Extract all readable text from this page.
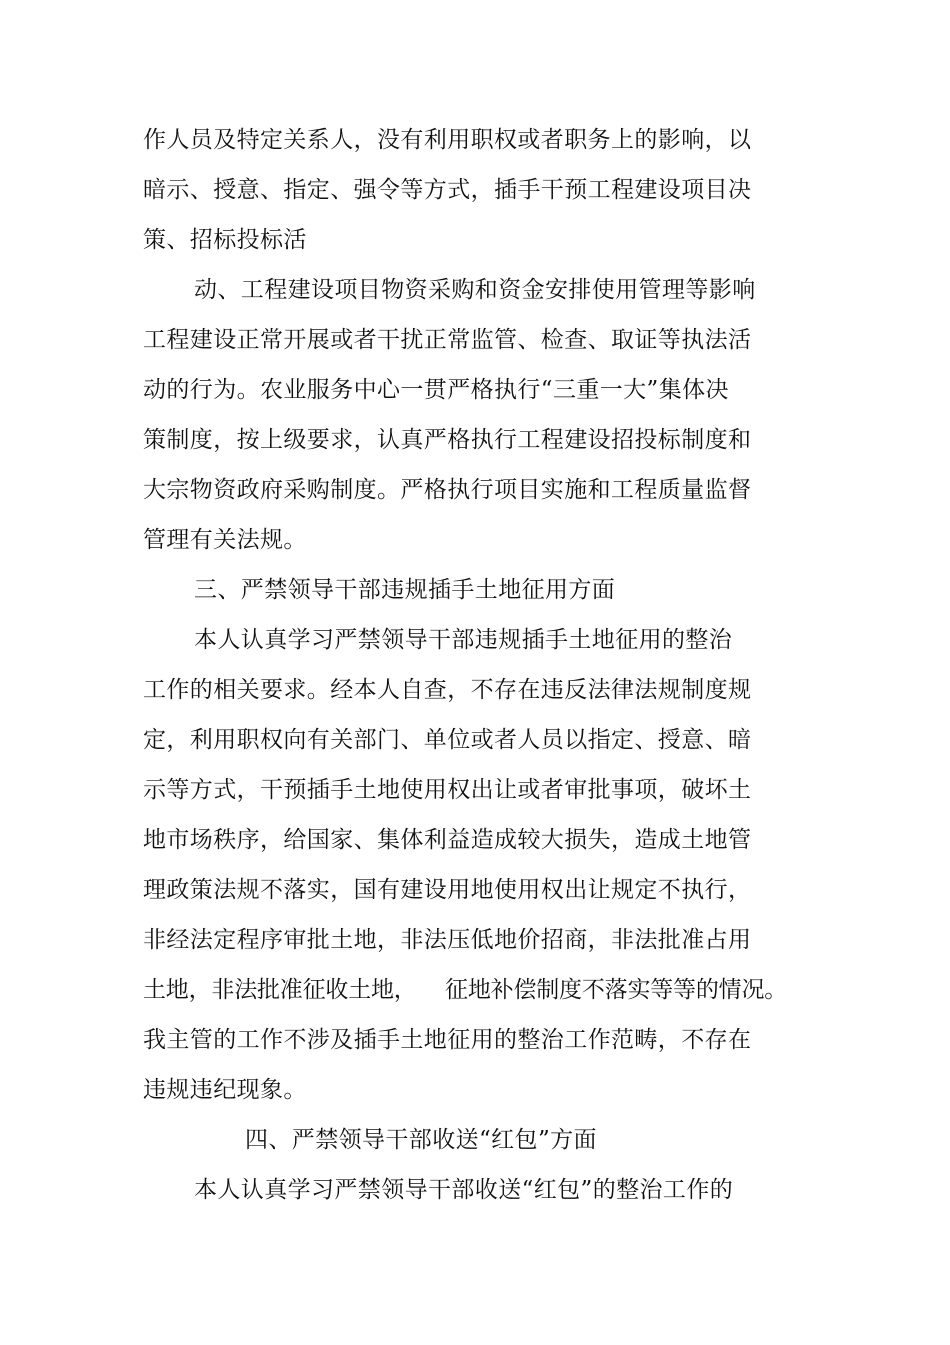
作人员及特定关系人，没有利用职权或者职务上的影响，以
暗示、授意、指定、强令等方式，插手干预工程建设项目决
策、招标投标活
动、工程建设项目物资采购和资金安排使用管理等影响
工程建设正常开展或者干扰正常监管、检查、取证等执法活
动的行为。农业服务中心一贯严格执行“三重一大”集体决
策制度，按上级要求，认真严格执行工程建设招投标制度和
大宗物资政府采购制度。严格执行项目实施和工程质量监督
管理有关法规。
三、严禁领导干部违规插手土地征用方面
本人认真学习严禁领导干部违规插手土地征用的整治
工作的相关要求。经本人自查，不存在违反法律法规制度规
定，利用职权向有关部门、单位或者人员以指定、授意、暗
示等方式，干预插手土地使用权出让或者审批事项，破坏土
地市场秩序，给国家、集体利益造成较大损失，造成土地管
理政策法规不落实，国有建设用地使用权出让规定不执行，
非经法定程序审批土地，非法压低地价招商，非法批准占用
土地，非法批准征收土地，    征地补偿制度不落实等等的情况。
我主管的工作不涉及插手土地征用的整治工作范畴，不存在
违规违纪现象。
四、严禁领导干部收送“红包”方面
本人认真学习严禁领导干部收送“红包”的整治工作的
